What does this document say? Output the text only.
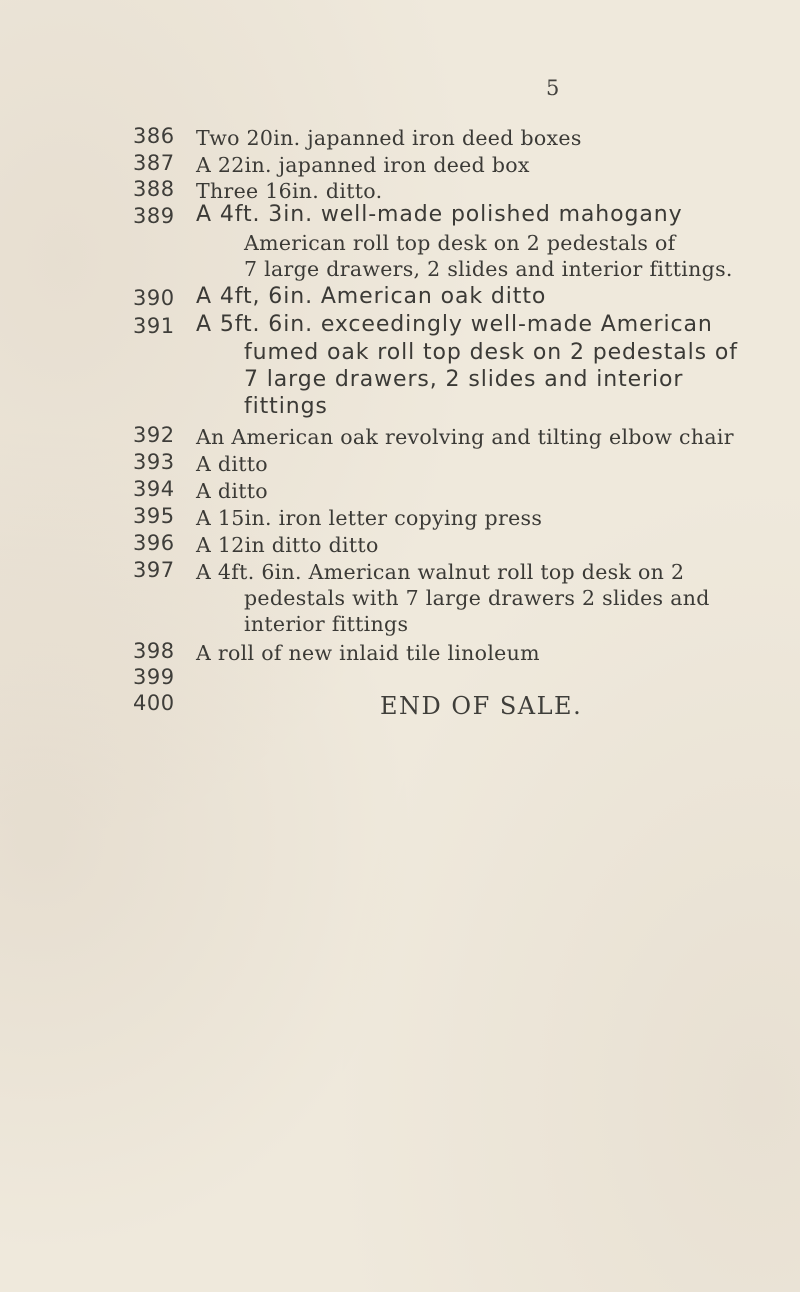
5
386 Two 20in. japanned iron deed boxes
387 A 22in. japanned iron deed box
388 Three 16in. ditto.
389 A 4ft. 3in. well-made polished mahogany
American roll top desk on 2 pedestals of
7 large drawers, 2 slides and interior fittings.
390 A 4ft, 6in. American oak ditto
391 A 5ft. 6in. exceedingly well-made American
fumed oak roll top desk on 2 pedestals of
7 large drawers, 2 slides and interior
fittings
392 An American oak revolving and tilting elbow chair
393 A ditto
394 A ditto
395 A 15in. iron letter copying press
396 A 12in ditto ditto
397 A 4ft. 6in. American walnut roll top desk on 2
pedestals with 7 large drawers 2 slides and
interior fittings
398 A roll of new inlaid tile linoleum
399
400	END OF SALE.
